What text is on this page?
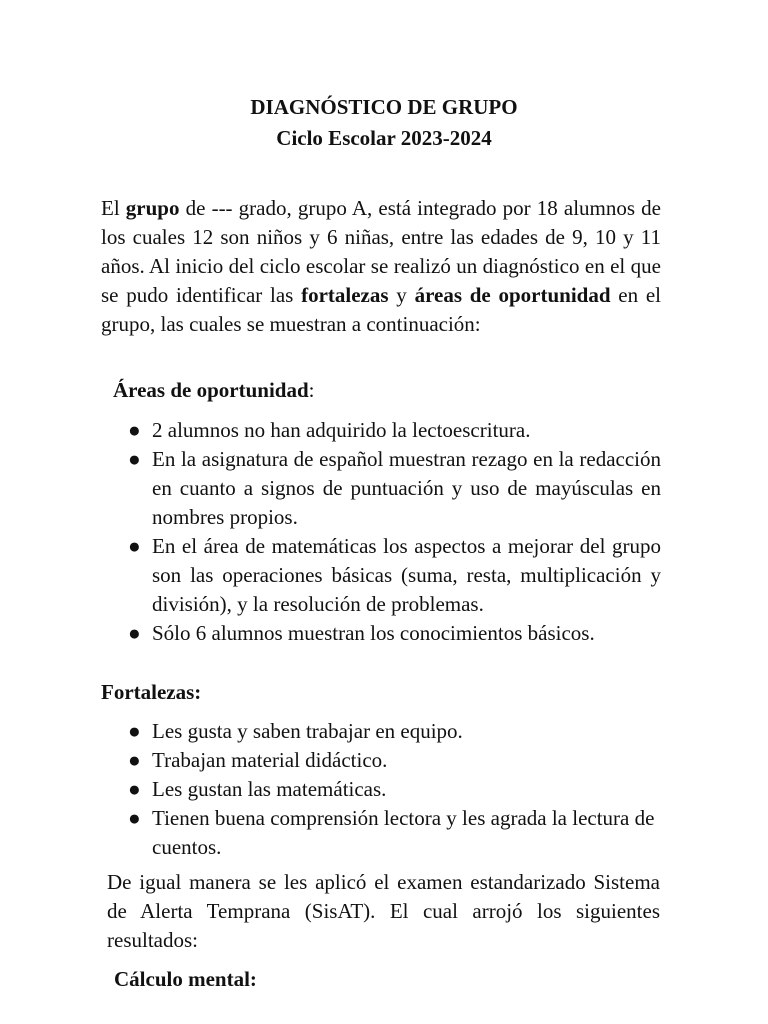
DIAGNÓSTICO DE GRUPO
Ciclo Escolar 2023-2024
El grupo de --- grado, grupo A, está integrado por 18 alumnos de los cuales 12 son niños y 6 niñas, entre las edades de 9, 10 y 11 años. Al inicio del ciclo escolar se realizó un diagnóstico en el que se pudo identificar las fortalezas y áreas de oportunidad en el grupo, las cuales se muestran a continuación:
Áreas de oportunidad:
● 2 alumnos no han adquirido la lectoescritura.
● En la asignatura de español muestran rezago en la redacción en cuanto a signos de puntuación y uso de mayúsculas en nombres propios.
● En el área de matemáticas los aspectos a mejorar del grupo son las operaciones básicas (suma, resta, multiplicación y división), y la resolución de problemas.
● Sólo 6 alumnos muestran los conocimientos básicos.
Fortalezas:
● Les gusta y saben trabajar en equipo.
● Trabajan material didáctico.
● Les gustan las matemáticas.
● Tienen buena comprensión lectora y les agrada la lectura de cuentos.
De igual manera se les aplicó el examen estandarizado Sistema de Alerta Temprana (SisAT). El cual arrojó los siguientes resultados:
Cálculo mental:
